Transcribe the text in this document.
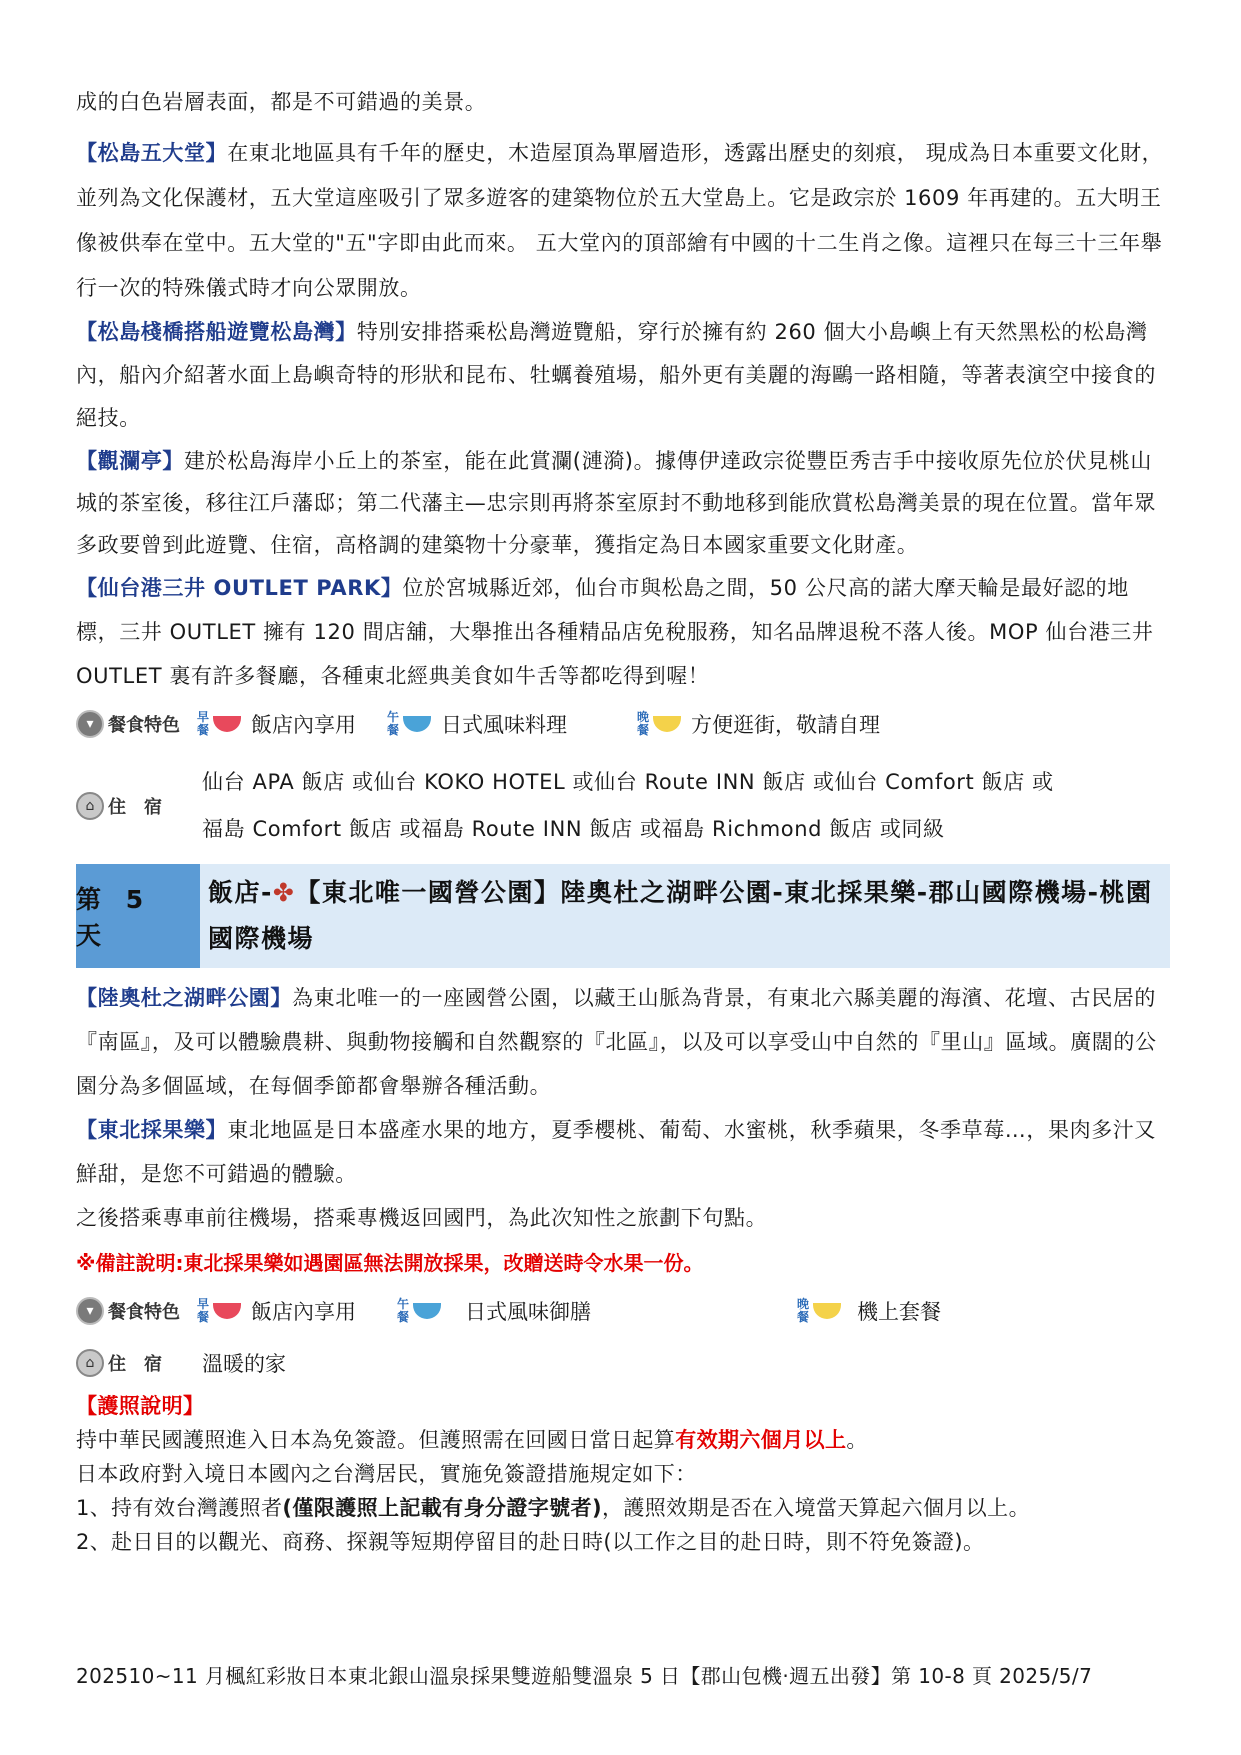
成的白色岩層表面，都是不可錯過的美景。

【松島五大堂】在東北地區具有千年的歷史，木造屋頂為單層造形，透露出歷史的刻痕， 現成為日本重要文化財，並列為文化保護材，五大堂這座吸引了眾多遊客的建築物位於五大堂島上。它是政宗於 1609 年再建的。五大明王像被供奉在堂中。五大堂的"五"字即由此而來。 五大堂內的頂部繪有中國的十二生肖之像。這裡只在每三十三年舉行一次的特殊儀式時才向公眾開放。

【松島棧橋搭船遊覽松島灣】特別安排搭乘松島灣遊覽船，穿行於擁有約 260 個大小島嶼上有天然黑松的松島灣內，船內介紹著水面上島嶼奇特的形狀和昆布、牡蠣養殖場，船外更有美麗的海鷗一路相隨，等著表演空中接食的絕技。

【觀瀾亭】建於松島海岸小丘上的茶室，能在此賞瀾(漣漪)。據傳伊達政宗從豐臣秀吉手中接收原先位於伏見桃山城的茶室後，移往江戶藩邸；第二代藩主—忠宗則再將茶室原封不動地移到能欣賞松島灣美景的現在位置。當年眾多政要曾到此遊覽、住宿，高格調的建築物十分豪華，獲指定為日本國家重要文化財產。

【仙台港三井 OUTLET PARK】位於宮城縣近郊，仙台市與松島之間，50 公尺高的諾大摩天輪是最好認的地標，三井 OUTLET 擁有 120 間店舖，大舉推出各種精品店免稅服務，知名品牌退稅不落人後。MOP 仙台港三井 OUTLET 裏有許多餐廳，各種東北經典美食如牛舌等都吃得到喔！

▾ 餐食特色 早餐 飯店內享用	午餐 日式風味料理	晚餐 方便逛街，敬請自理
⌂ 住　宿
仙台 APA 飯店 或仙台 KOKO HOTEL 或仙台 Route INN 飯店 或仙台 Comfort 飯店 或
福島 Comfort 飯店 或福島 Route INN 飯店 或福島 Richmond 飯店 或同級
第 5 天
飯店-✤【東北唯一國營公園】陸奧杜之湖畔公園-東北採果樂-郡山國際機場-桃園國際機場

【陸奧杜之湖畔公園】為東北唯一的一座國營公園，以藏王山脈為背景，有東北六縣美麗的海濱、花壇、古民居的『南區』，及可以體驗農耕、與動物接觸和自然觀察的『北區』，以及可以享受山中自然的『里山』區域。廣闊的公園分為多個區域，在每個季節都會舉辦各種活動。

【東北採果樂】東北地區是日本盛產水果的地方，夏季櫻桃、葡萄、水蜜桃，秋季蘋果，冬季草莓…，果肉多汁又鮮甜，是您不可錯過的體驗。

之後搭乘專車前往機場，搭乘專機返回國門，為此次知性之旅劃下句點。

※備註說明:東北採果樂如遇園區無法開放採果，改贈送時令水果一份。
▾ 餐食特色 早餐 飯店內享用	午餐	日式風味御膳	晚餐 機上套餐
⌂ 住　宿 溫暖的家
【護照說明】
持中華民國護照進入日本為免簽證。但護照需在回國日當日起算有效期六個月以上。
日本政府對入境日本國內之台灣居民，實施免簽證措施規定如下：
1、持有效台灣護照者(僅限護照上記載有身分證字號者)，護照效期是否在入境當天算起六個月以上。
2、赴日目的以觀光、商務、探親等短期停留目的赴日時(以工作之目的赴日時，則不符免簽證)。
202510~11 月楓紅彩妝日本東北銀山溫泉採果雙遊船雙溫泉 5 日【郡山包機‧週五出發】第 10-8 頁 2025/5/7
